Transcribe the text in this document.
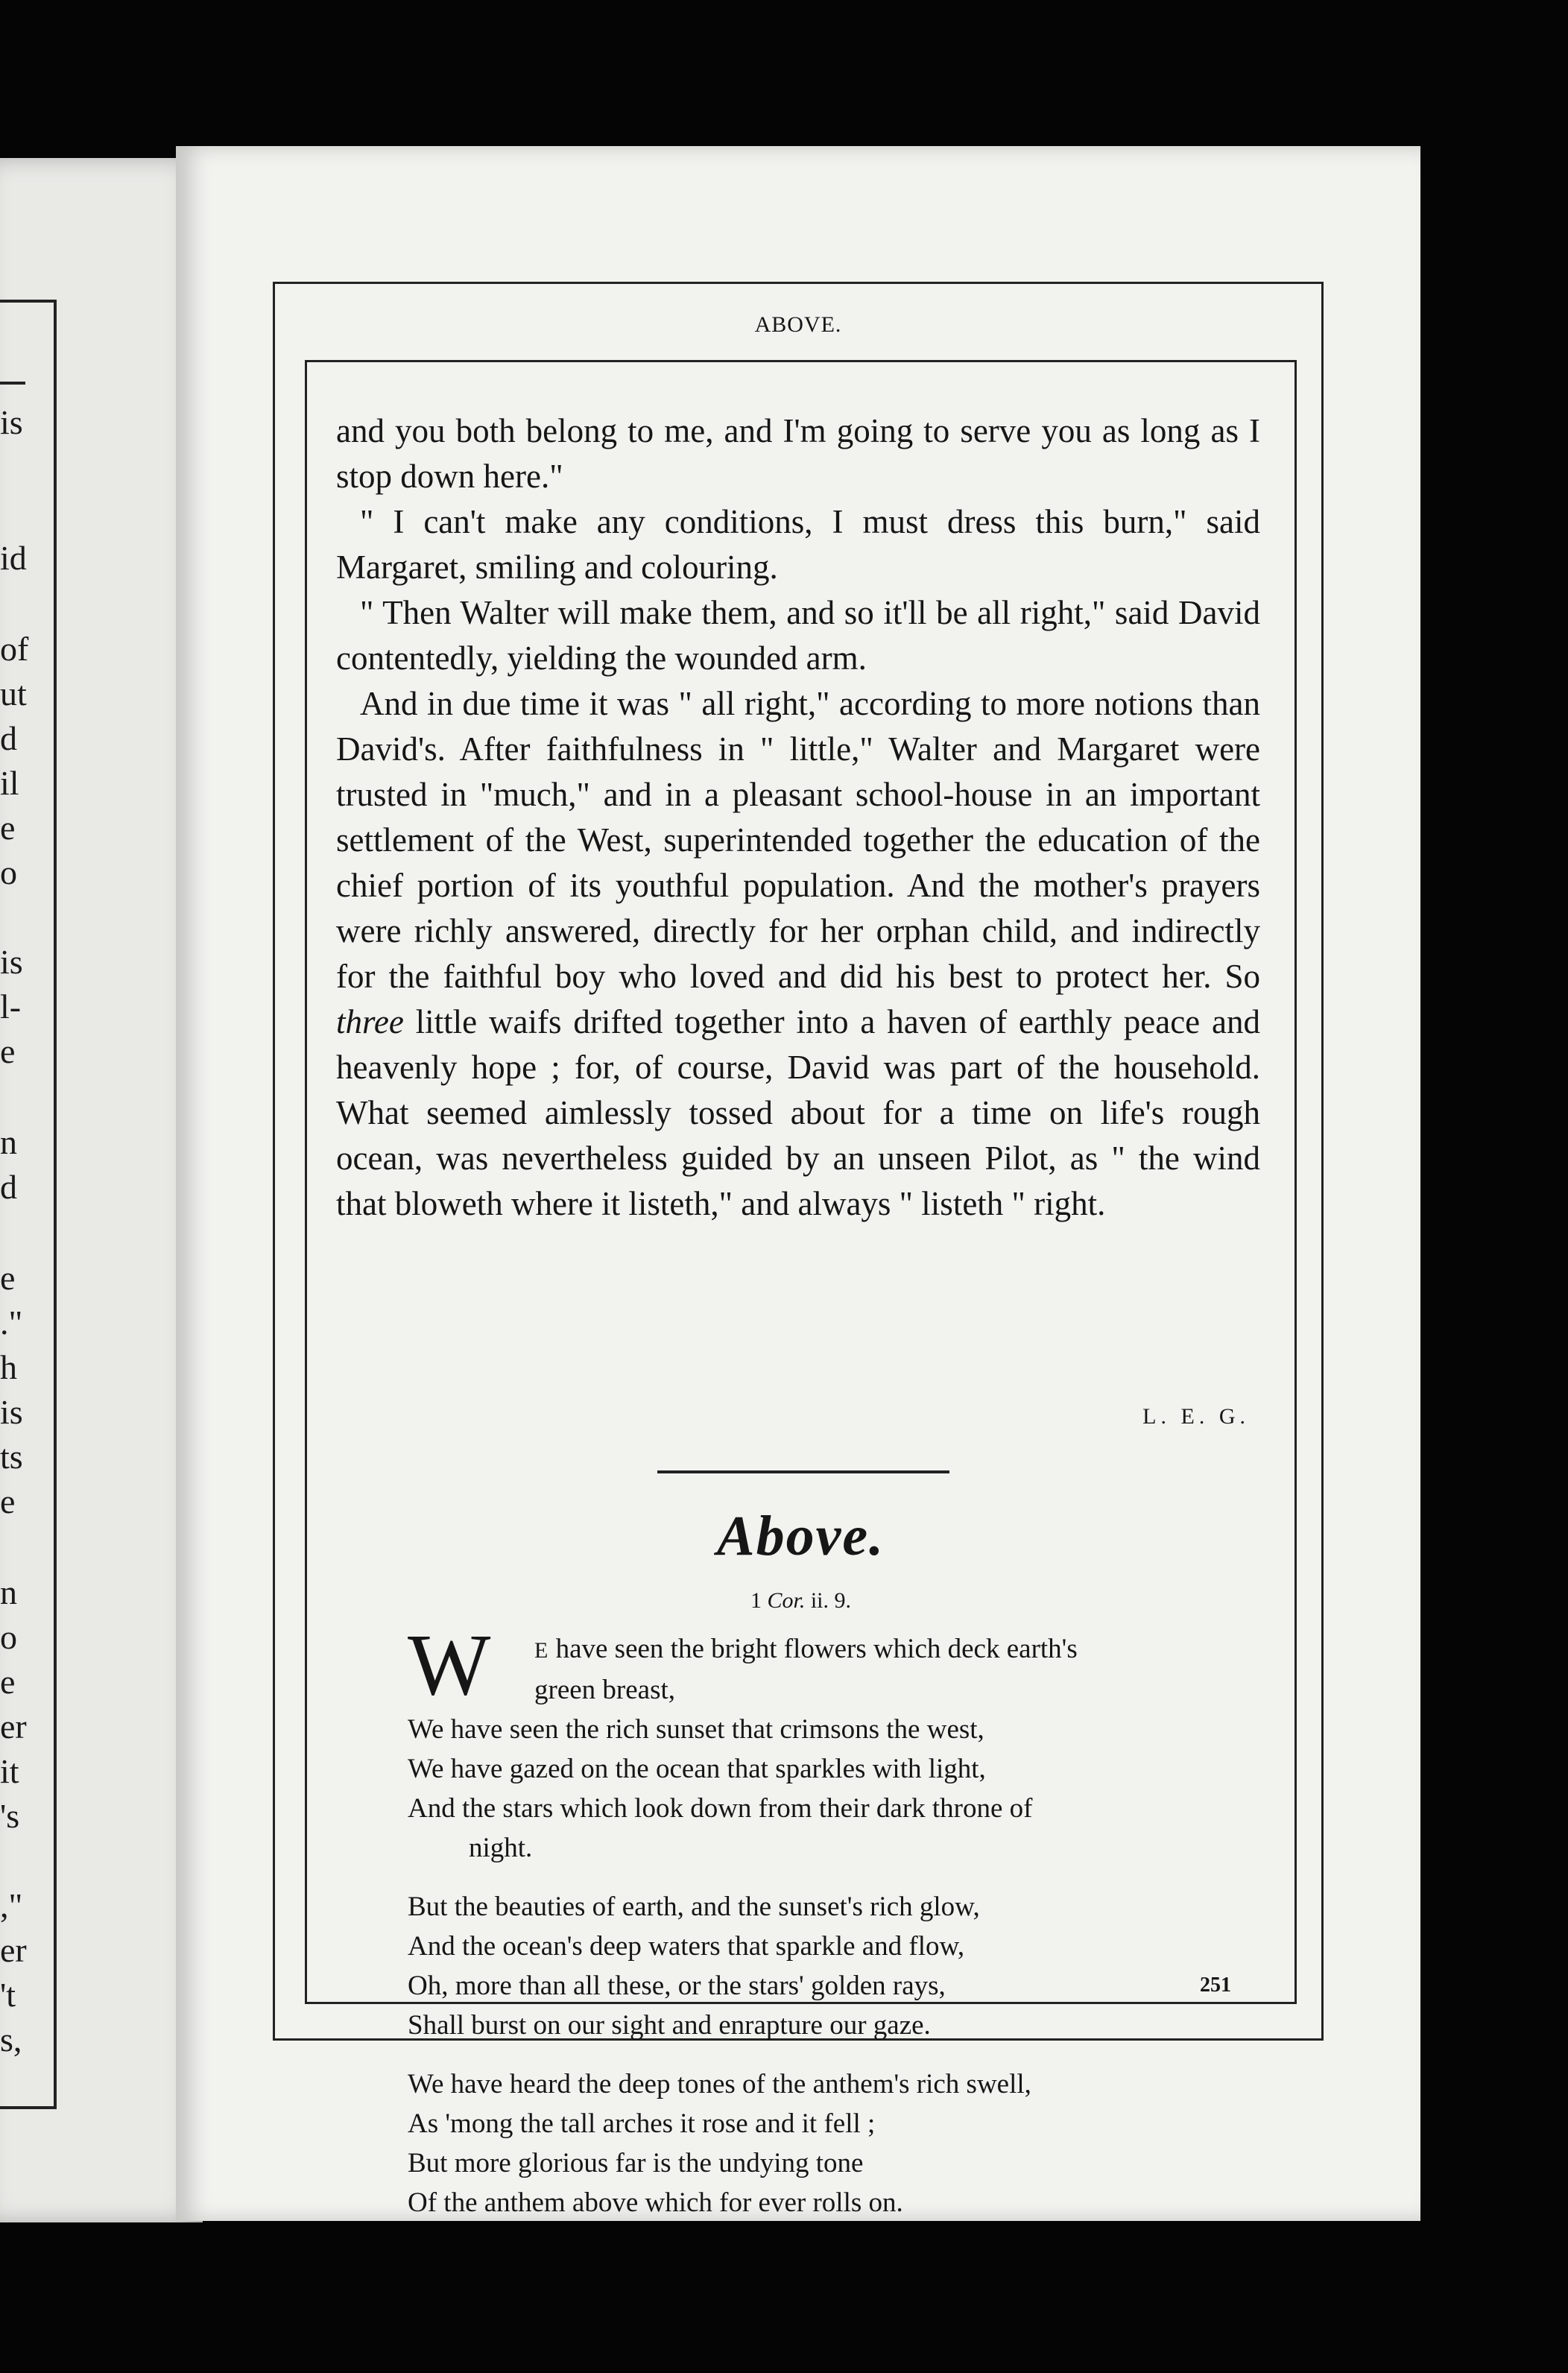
is
id
of
ut
d
il
e
o
is
l-
e
n
d
e
."
h
is
ts
e
n
o
e
er
it
's
,"
er
't
s,
ABOVE.

and you both belong to me, and I'm going to serve you as long as I stop down here."

" I can't make any conditions, I must dress this burn," said Margaret, smiling and colouring.

" Then Walter will make them, and so it'll be all right," said David contentedly, yielding the wounded arm.

And in due time it was " all right," according to more notions than David's. After faithfulness in " little," Walter and Margaret were trusted in "much," and in a pleasant school-house in an important settlement of the West, superintended together the education of the chief portion of its youthful population. And the mother's prayers were richly answered, directly for her orphan child, and indirectly for the faithful boy who loved and did his best to protect her. So three little waifs drifted together into a haven of earthly peace and heavenly hope ; for, of course, David was part of the household. What seemed aimlessly tossed about for a time on life's rough ocean, was nevertheless guided by an unseen Pilot, as " the wind that bloweth where it listeth," and always " listeth " right.

L. E. G.
Above.
1 Cor. ii. 9.
W E have seen the bright flowers which deck earth's
green breast,
We have seen the rich sunset that crimsons the west,
We have gazed on the ocean that sparkles with light,
And the stars which look down from their dark throne of
night.
But the beauties of earth, and the sunset's rich glow,
And the ocean's deep waters that sparkle and flow,
Oh, more than all these, or the stars' golden rays,
Shall burst on our sight and enrapture our gaze.
We have heard the deep tones of the anthem's rich swell,
As 'mong the tall arches it rose and it fell ;
But more glorious far is the undying tone
Of the anthem above which for ever rolls on.
251
